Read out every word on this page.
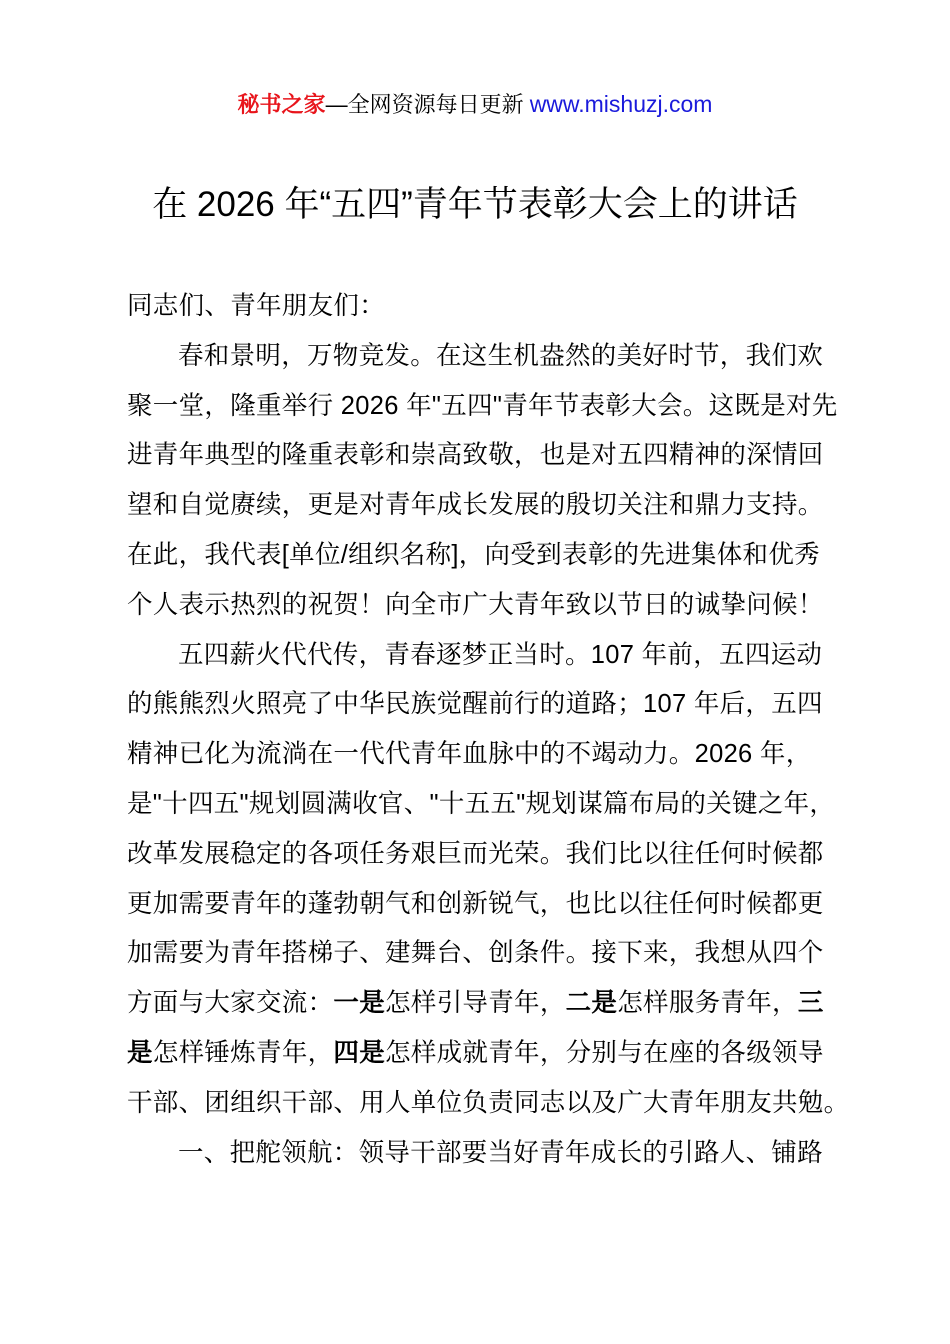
秘书之家—全网资源每日更新 www.mishuzj.com
在 2026 年“五四”青年节表彰大会上的讲话
同志们、青年朋友们：
春和景明，万物竞发。在这生机盎然的美好时节，我们欢
聚一堂，隆重举行 2026 年"五四"青年节表彰大会。这既是对先
进青年典型的隆重表彰和崇高致敬，也是对五四精神的深情回
望和自觉赓续，更是对青年成长发展的殷切关注和鼎力支持。
在此，我代表[单位/组织名称]，向受到表彰的先进集体和优秀
个人表示热烈的祝贺！向全市广大青年致以节日的诚挚问候！
五四薪火代代传，青春逐梦正当时。107 年前，五四运动
的熊熊烈火照亮了中华民族觉醒前行的道路；107 年后，五四
精神已化为流淌在一代代青年血脉中的不竭动力。2026 年，
是"十四五"规划圆满收官、"十五五"规划谋篇布局的关键之年，
改革发展稳定的各项任务艰巨而光荣。我们比以往任何时候都
更加需要青年的蓬勃朝气和创新锐气，也比以往任何时候都更
加需要为青年搭梯子、建舞台、创条件。接下来，我想从四个
方面与大家交流：一是怎样引导青年，二是怎样服务青年，三
是怎样锤炼青年，四是怎样成就青年，分别与在座的各级领导
干部、团组织干部、用人单位负责同志以及广大青年朋友共勉。
一、把舵领航：领导干部要当好青年成长的引路人、铺路
